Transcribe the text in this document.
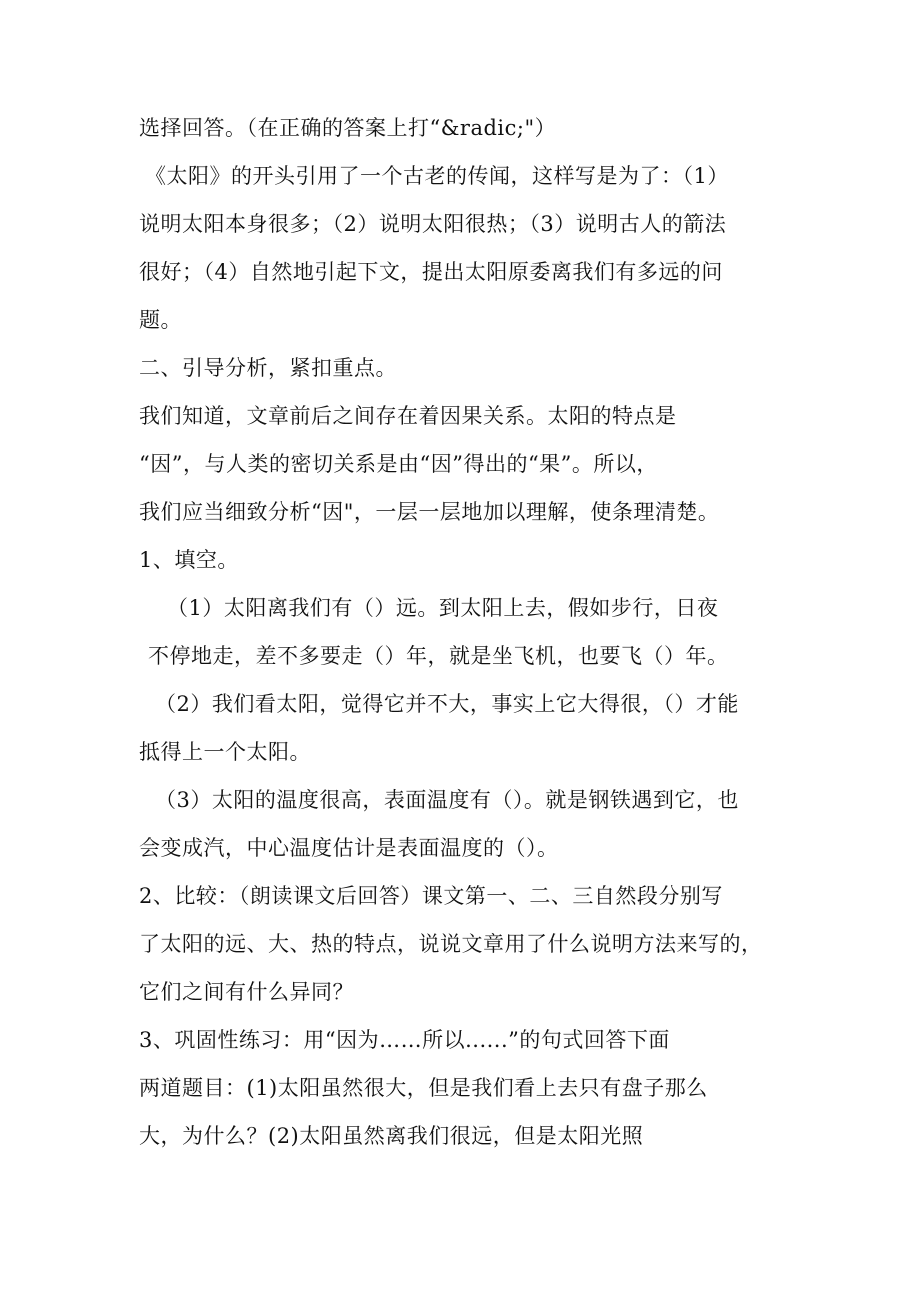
选择回答。（在正确的答案上打“&radic;"）
《太阳》的开头引用了一个古老的传闻，这样写是为了：（1）
说明太阳本身很多；（2）说明太阳很热；（3）说明古人的箭法
很好；（4）自然地引起下文，提出太阳原委离我们有多远的问
题。
二、引导分析，紧扣重点。
我们知道，文章前后之间存在着因果关系。太阳的特点是
“因”，与人类的密切关系是由“因”得出的“果”。所以，
我们应当细致分析“因"，一层一层地加以理解，使条理清楚。
1、填空。
（1）太阳离我们有（）远。到太阳上去，假如步行，日夜
不停地走，差不多要走（）年，就是坐飞机，也要飞（）年。
（2）我们看太阳，觉得它并不大，事实上它大得很，（）才能
抵得上一个太阳。
（3）太阳的温度很高，表面温度有（）。就是钢铁遇到它，也
会变成汽，中心温度估计是表面温度的（）。
2、比较：（朗读课文后回答）课文第一、二、三自然段分别写
了太阳的远、大、热的特点，说说文章用了什么说明方法来写的，
它们之间有什么异同？
3、巩固性练习：用“因为……所以......”的句式回答下面
两道题目：(1)太阳虽然很大，但是我们看上去只有盘子那么
大，为什么？(2)太阳虽然离我们很远，但是太阳光照
